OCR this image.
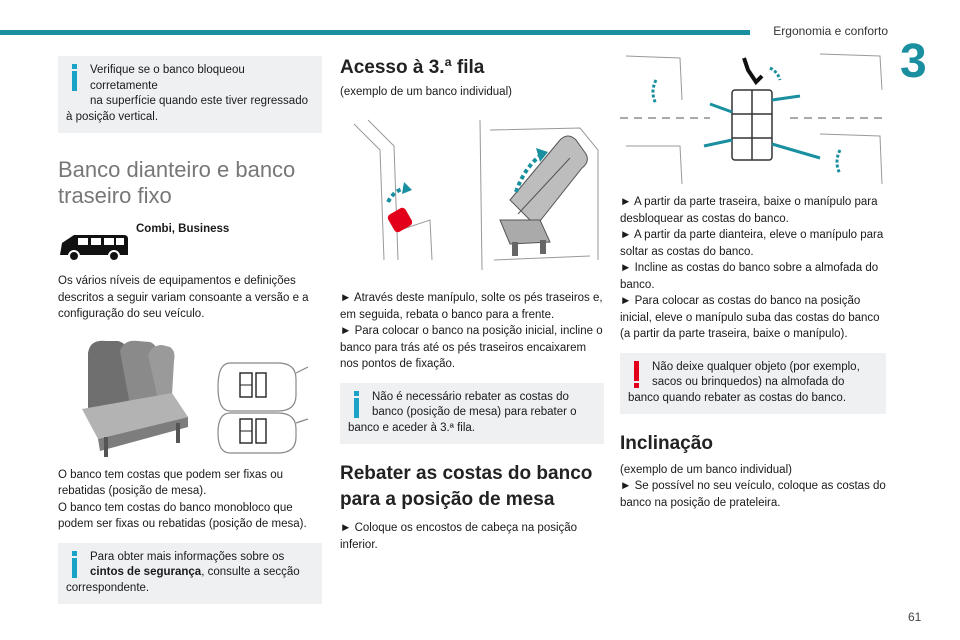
Ergonomia e conforto
3
61
Verifique se o banco bloqueou corretamente
na superfície quando este tiver regressado
à posição vertical.
Banco dianteiro e banco
traseiro fixo
Combi, Business

Os vários níveis de equipamentos e definições descritos a seguir variam consoante a versão e a configuração do seu veículo.

O banco tem costas que podem ser fixas ou rebatidas (posição de mesa).

O banco tem costas do banco monobloco que podem ser fixas ou rebatidas (posição de mesa).

Para obter mais informações sobre os
cintos de segurança, consulte a secção
correspondente.
Acesso à 3.ª fila

(exemplo de um banco individual)

► Através deste manípulo, solte os pés traseiros e, em seguida, rebata o banco para a frente.

► Para colocar o banco na posição inicial, incline o banco para trás até os pés traseiros encaixarem nos pontos de fixação.

Não é necessário rebater as costas do
banco (posição de mesa) para rebater o
banco e aceder à 3.ª fila.
Rebater as costas do banco
para a posição de mesa

► Coloque os encostos de cabeça na posição inferior.

► A partir da parte traseira, baixe o manípulo para desbloquear as costas do banco.

► A partir da parte dianteira, eleve o manípulo para soltar as costas do banco.

► Incline as costas do banco sobre a almofada do banco.

► Para colocar as costas do banco na posição inicial, eleve o manípulo suba das costas do banco (a partir da parte traseira, baixe o manípulo).

Não deixe qualquer objeto (por exemplo,
sacos ou brinquedos) na almofada do
banco quando rebater as costas do banco.
Inclinação

(exemplo de um banco individual)

► Se possível no seu veículo, coloque as costas do banco na posição de prateleira.
